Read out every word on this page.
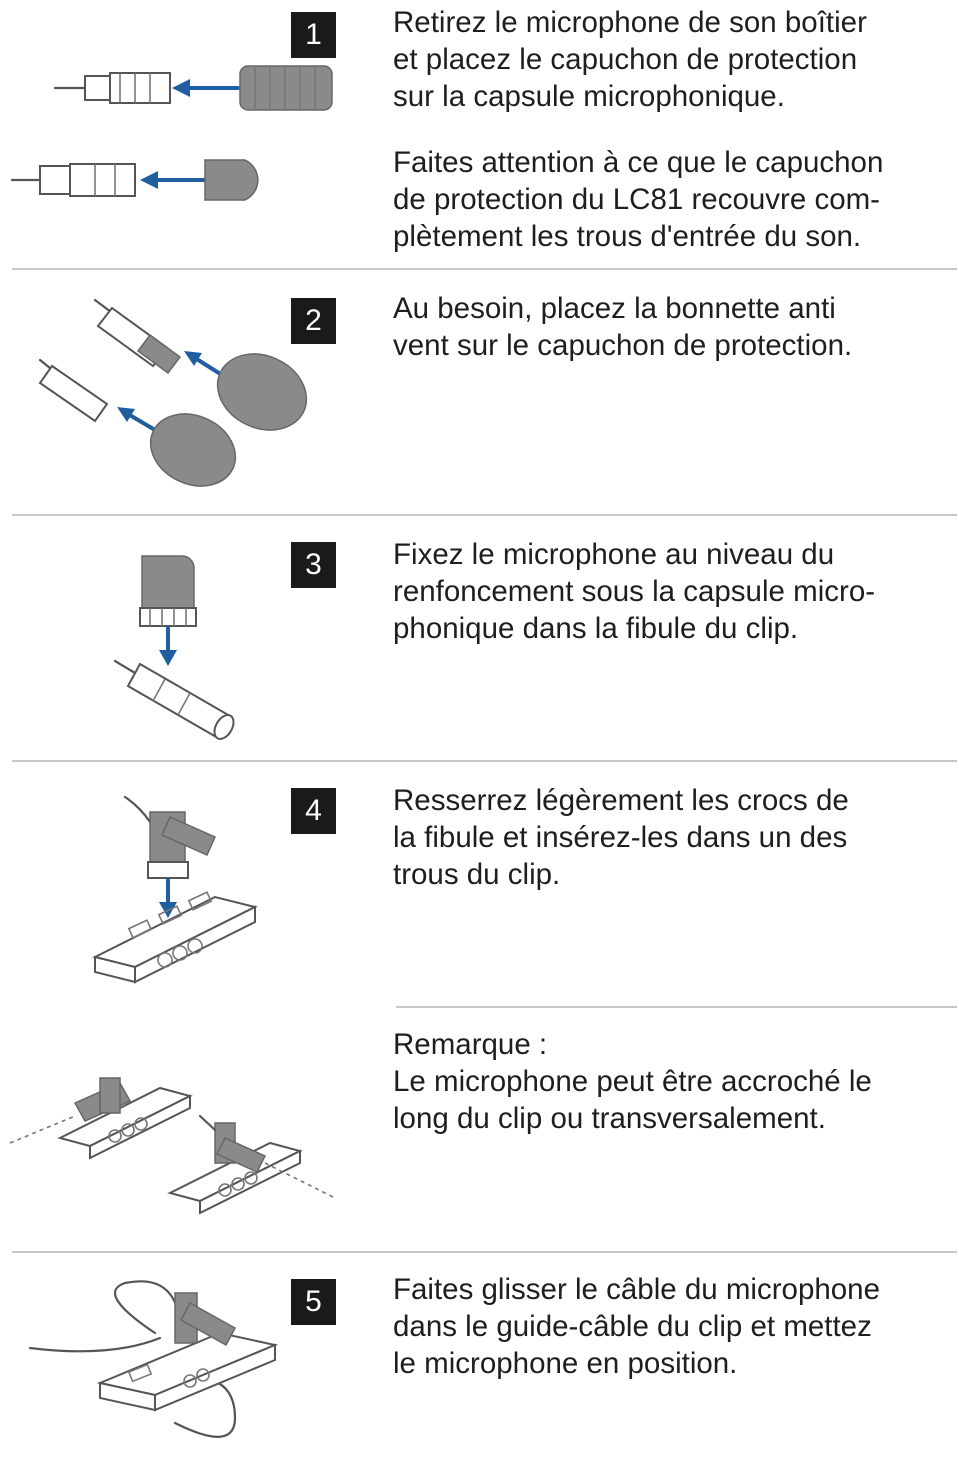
1	Retirez le microphone de son boîtier
et placez le capuchon de protection
sur la capsule microphonique.
Faites attention à ce que le capuchon
de protection du LC81 recouvre com-
plètement les trous d'entrée du son.
2	Au besoin, placez la bonnette anti
vent sur le capuchon de protection.
3	Fixez le microphone au niveau du
renfoncement sous la capsule micro-
phonique dans la fibule du clip.
4	Resserrez légèrement les crocs de
la fibule et insérez-les dans un des
trous du clip.
Remarque :
Le microphone peut être accroché le
long du clip ou transversalement.
5	Faites glisser le câble du microphone
dans le guide-câble du clip et mettez
le microphone en position.
